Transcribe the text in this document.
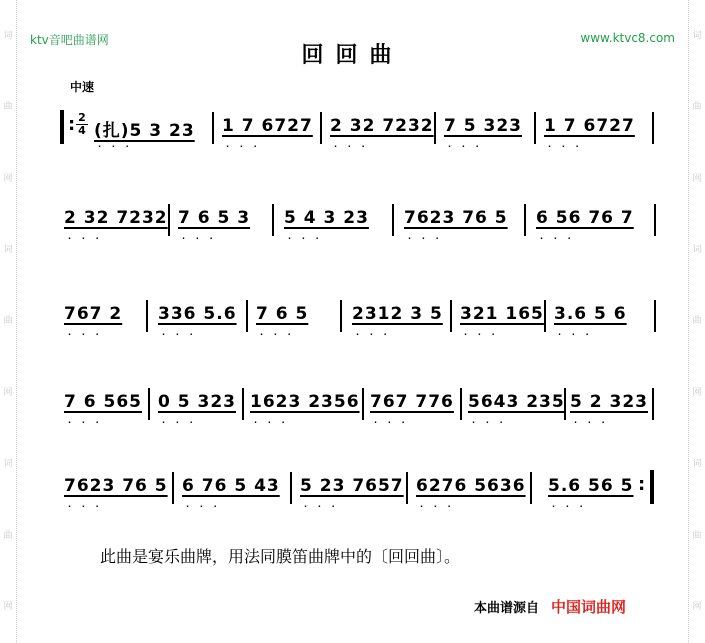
词
曲
网
词
曲
网
词
曲
网
词
曲
网
词
曲
网
词
曲
网
ktv音吧曲谱网	www.ktvc8.com
回回曲
中速
:
2
4 (扎)5 3 23 · · · 1 7 6727 · · · 2 32 7232 · · · 7 5 323 · · · 1 7 6727 · · ·
2 32 7232 · · · 7 6 5 3 · · · 5 4 3 23 · · · 7623 76 5 · · · 6 56 76 7 · · ·
767 2 · · · 336 5.6 · · · 7 6 5 · · ·	2312 3 5 · · · 321 165 · · · 3.6 5 6 · · ·
7 6 565 · · · 0 5 323 · · · 1623 2356 · · · 767 776 · · · 5643 235 · · · 5 2 323 · · ·
7623 76 5 · · · 6 76 5 43 · · · 5 23 7657 · · · 6276 5636 · · · 5.6 56 5 · · ·
:
此曲是宴乐曲牌，用法同膜笛曲牌中的〔回回曲〕。
本曲谱源自 中国词曲网
